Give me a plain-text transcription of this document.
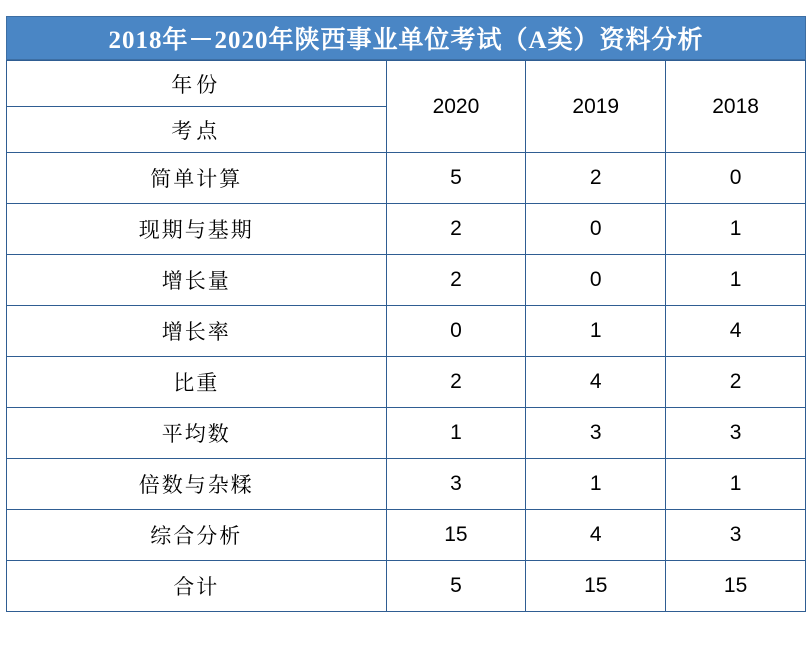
2018年－2020年陕西事业单位考试（A类）资料分析
年份	2020	2019	2018
考点			
简单计算	5	2	0
现期与基期	2	0	1
增长量	2	0	1
增长率	0	1	4
比重	2	4	2
平均数	1	3	3
倍数与杂糅	3	1	1
综合分析	15	4	3
合计	5	15	15
